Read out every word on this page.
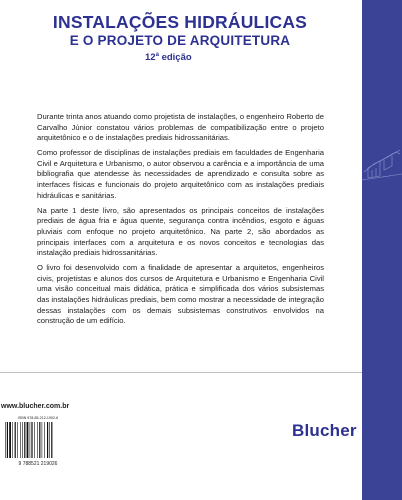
INSTALAÇÕES HIDRÁULICAS
E O PROJETO DE ARQUITETURA
12$^a$ edição

Durante trinta anos atuando como projetista de instalações, o engenheiro Roberto de Carvalho Júnior constatou vários problemas de compatibilização entre o projeto arquitetônico e o de instalações prediais hidrossanitárias.

Como professor de disciplinas de instalações prediais em faculdades de Engenharia Civil e Arquitetura e Urbanismo, o autor observou a carência e a importância de uma bibliografia que atendesse às necessidades de aprendizado e consulta sobre as interfaces físicas e funcionais do projeto arquitetônico com as instalações prediais hidráulicas e sanitárias.

Na parte 1 deste livro, são apresentados os principais conceitos de instalações prediais de água fria e água quente, segurança contra incêndios, esgoto e águas pluviais com enfoque no projeto arquitetônico. Na parte 2, são abordados as principais interfaces com a arquitetura e os novos conceitos e tecnologias das instalação prediais hidrossanitárias.

O livro foi desenvolvido com a finalidade de apresentar a arquitetos, engenheiros civis, projetistas e alunos dos cursos de Arquitetura e Urbanismo e Engenharia Civil uma visão conceitual mais didática, prática e simplificada dos vários subsistemas das instalações hidráulicas prediais, bem como mostrar a necessidade de integração dessas instalações com os demais subsistemas construtivos envolvidos na construção de um edifício.

www.blucher.com.br
ISBN 978-85-212-1902-6
9 788521 219026
Blucher
